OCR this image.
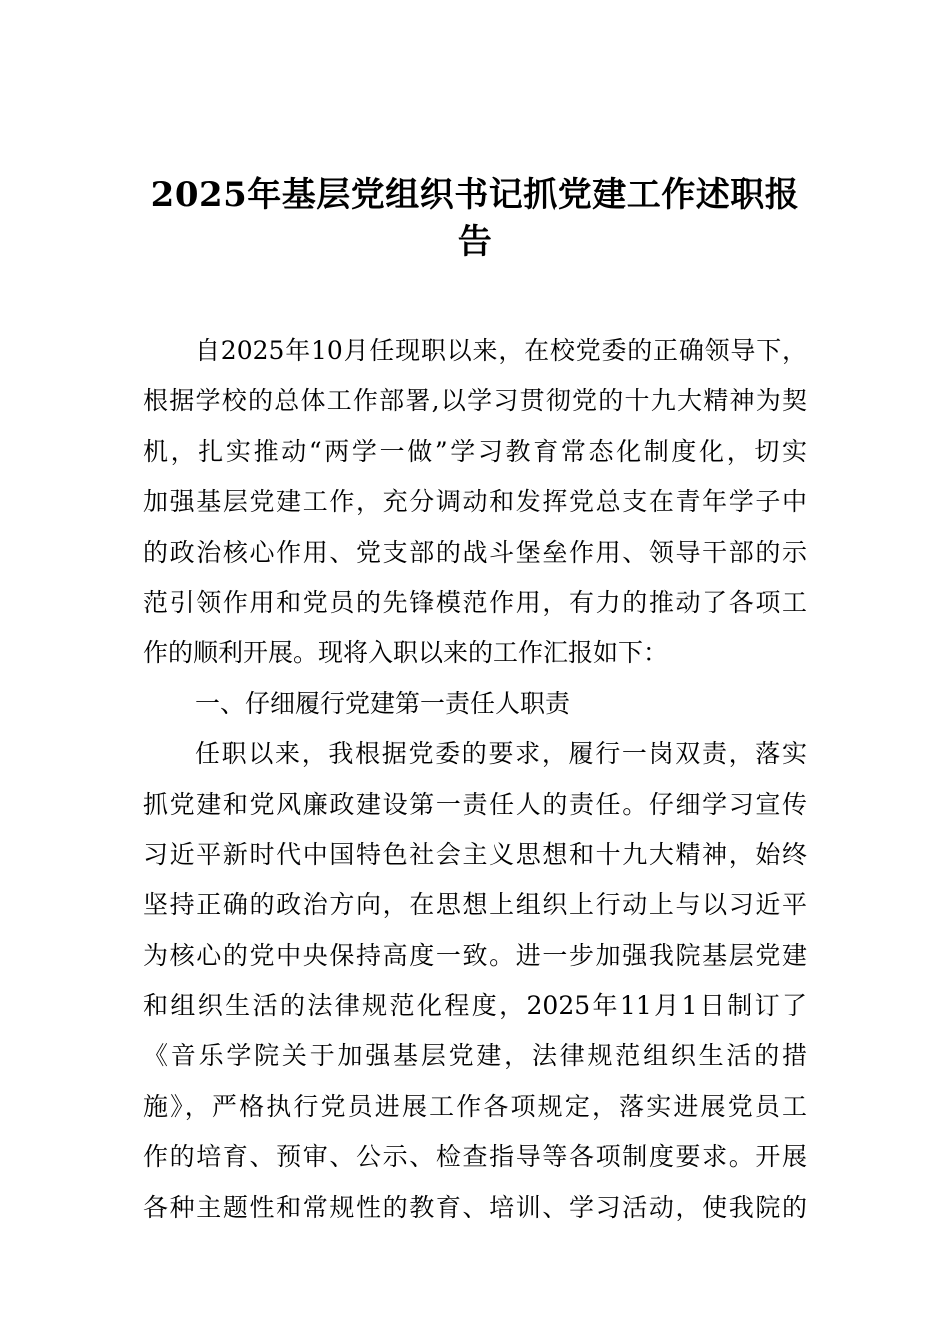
2025年基层党组织书记抓党建工作述职报告
自2025年10月任现职以来，在校党委的正确领导下，
根据学校的总体工作部署,以学习贯彻党的十九大精神为契
机，扎实推动“两学一做”学习教育常态化制度化，切实
加强基层党建工作，充分调动和发挥党总支在青年学子中
的政治核心作用、党支部的战斗堡垒作用、领导干部的示
范引领作用和党员的先锋模范作用，有力的推动了各项工
作的顺利开展。现将入职以来的工作汇报如下：
一、仔细履行党建第一责任人职责
任职以来，我根据党委的要求，履行一岗双责，落实
抓党建和党风廉政建设第一责任人的责任。仔细学习宣传
习近平新时代中国特色社会主义思想和十九大精神，始终
坚持正确的政治方向，在思想上组织上行动上与以习近平
为核心的党中央保持高度一致。进一步加强我院基层党建
和组织生活的法律规范化程度，2025年11月1日制订了
《音乐学院关于加强基层党建，法律规范组织生活的措
施》，严格执行党员进展工作各项规定，落实进展党员工
作的培育、预审、公示、检查指导等各项制度要求。开展
各种主题性和常规性的教育、培训、学习活动，使我院的
